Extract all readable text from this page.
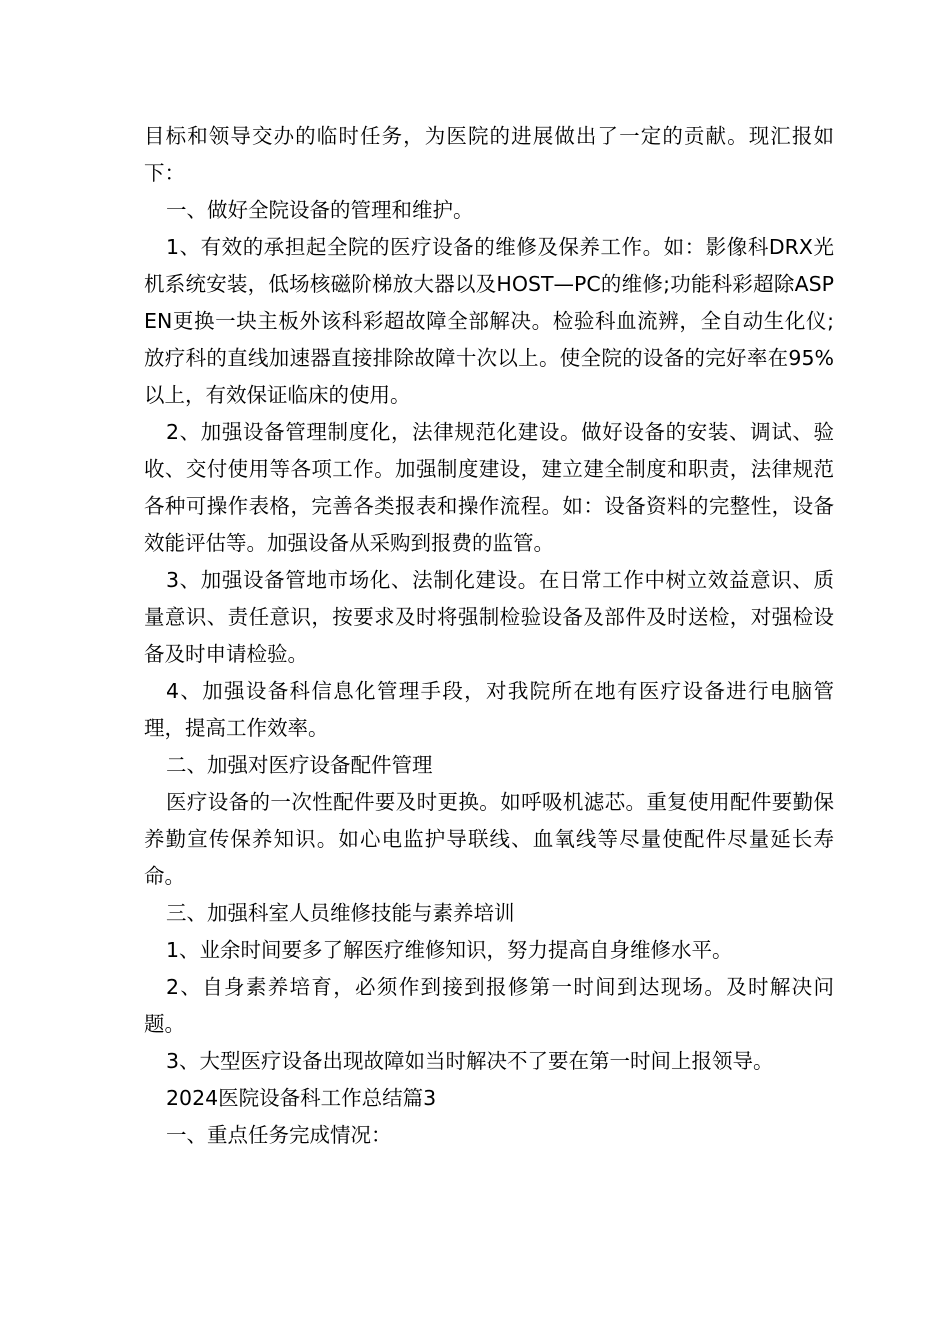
目标和领导交办的临时任务，为医院的进展做出了一定的贡献。现汇报如下：

一、做好全院设备的管理和维护。

1、有效的承担起全院的医疗设备的维修及保养工作。如：影像科DRX光机系统安装，低场核磁阶梯放大器以及HOST—PC的维修;功能科彩超除ASPEN更换一块主板外该科彩超故障全部解决。检验科血流辨，全自动生化仪;放疗科的直线加速器直接排除故障十次以上。使全院的设备的完好率在95%以上，有效保证临床的使用。

2、加强设备管理制度化，法律规范化建设。做好设备的安装、调试、验收、交付使用等各项工作。加强制度建设，建立建全制度和职责，法律规范各种可操作表格，完善各类报表和操作流程。如：设备资料的完整性，设备效能评估等。加强设备从采购到报费的监管。

3、加强设备管地市场化、法制化建设。在日常工作中树立效益意识、质量意识、责任意识，按要求及时将强制检验设备及部件及时送检，对强检设备及时申请检验。

4、加强设备科信息化管理手段，对我院所在地有医疗设备进行电脑管理，提高工作效率。

二、加强对医疗设备配件管理

医疗设备的一次性配件要及时更换。如呼吸机滤芯。重复使用配件要勤保养勤宣传保养知识。如心电监护导联线、血氧线等尽量使配件尽量延长寿命。

三、加强科室人员维修技能与素养培训

1、业余时间要多了解医疗维修知识，努力提高自身维修水平。

2、自身素养培育，必须作到接到报修第一时间到达现场。及时解决问题。

3、大型医疗设备出现故障如当时解决不了要在第一时间上报领导。

2024医院设备科工作总结篇3

一、重点任务完成情况：
